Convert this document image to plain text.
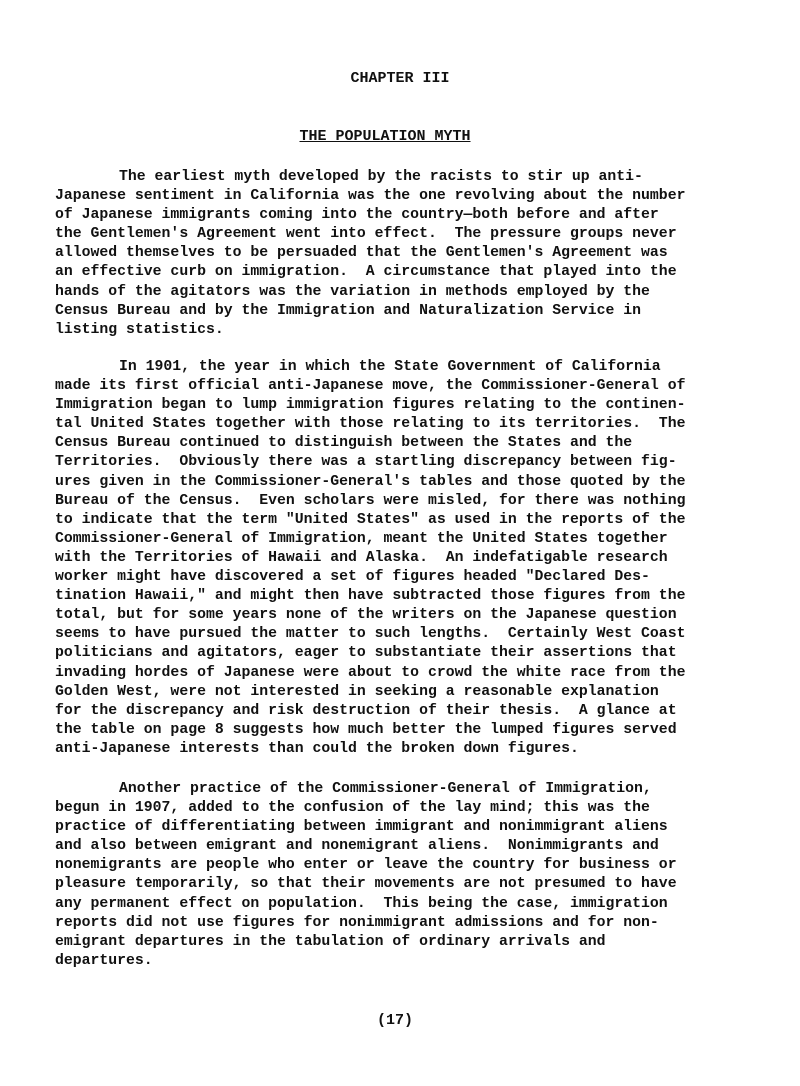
CHAPTER III
THE POPULATION MYTH
The earliest myth developed by the racists to stir up anti-
Japanese sentiment in California was the one revolving about the number
of Japanese immigrants coming into the country—both before and after
the Gentlemen's Agreement went into effect.  The pressure groups never
allowed themselves to be persuaded that the Gentlemen's Agreement was
an effective curb on immigration.  A circumstance that played into the
hands of the agitators was the variation in methods employed by the
Census Bureau and by the Immigration and Naturalization Service in
listing statistics.
In 1901, the year in which the State Government of California
made its first official anti-Japanese move, the Commissioner-General of
Immigration began to lump immigration figures relating to the continen-
tal United States together with those relating to its territories.  The
Census Bureau continued to distinguish between the States and the
Territories.  Obviously there was a startling discrepancy between fig-
ures given in the Commissioner-General's tables and those quoted by the
Bureau of the Census.  Even scholars were misled, for there was nothing
to indicate that the term "United States" as used in the reports of the
Commissioner-General of Immigration, meant the United States together
with the Territories of Hawaii and Alaska.  An indefatigable research
worker might have discovered a set of figures headed "Declared Des-
tination Hawaii," and might then have subtracted those figures from the
total, but for some years none of the writers on the Japanese question
seems to have pursued the matter to such lengths.  Certainly West Coast
politicians and agitators, eager to substantiate their assertions that
invading hordes of Japanese were about to crowd the white race from the
Golden West, were not interested in seeking a reasonable explanation
for the discrepancy and risk destruction of their thesis.  A glance at
the table on page 8 suggests how much better the lumped figures served
anti-Japanese interests than could the broken down figures.
Another practice of the Commissioner-General of Immigration,
begun in 1907, added to the confusion of the lay mind; this was the
practice of differentiating between immigrant and nonimmigrant aliens
and also between emigrant and nonemigrant aliens.  Nonimmigrants and
nonemigrants are people who enter or leave the country for business or
pleasure temporarily, so that their movements are not presumed to have
any permanent effect on population.  This being the case, immigration
reports did not use figures for nonimmigrant admissions and for non-
emigrant departures in the tabulation of ordinary arrivals and
departures.
(17)
